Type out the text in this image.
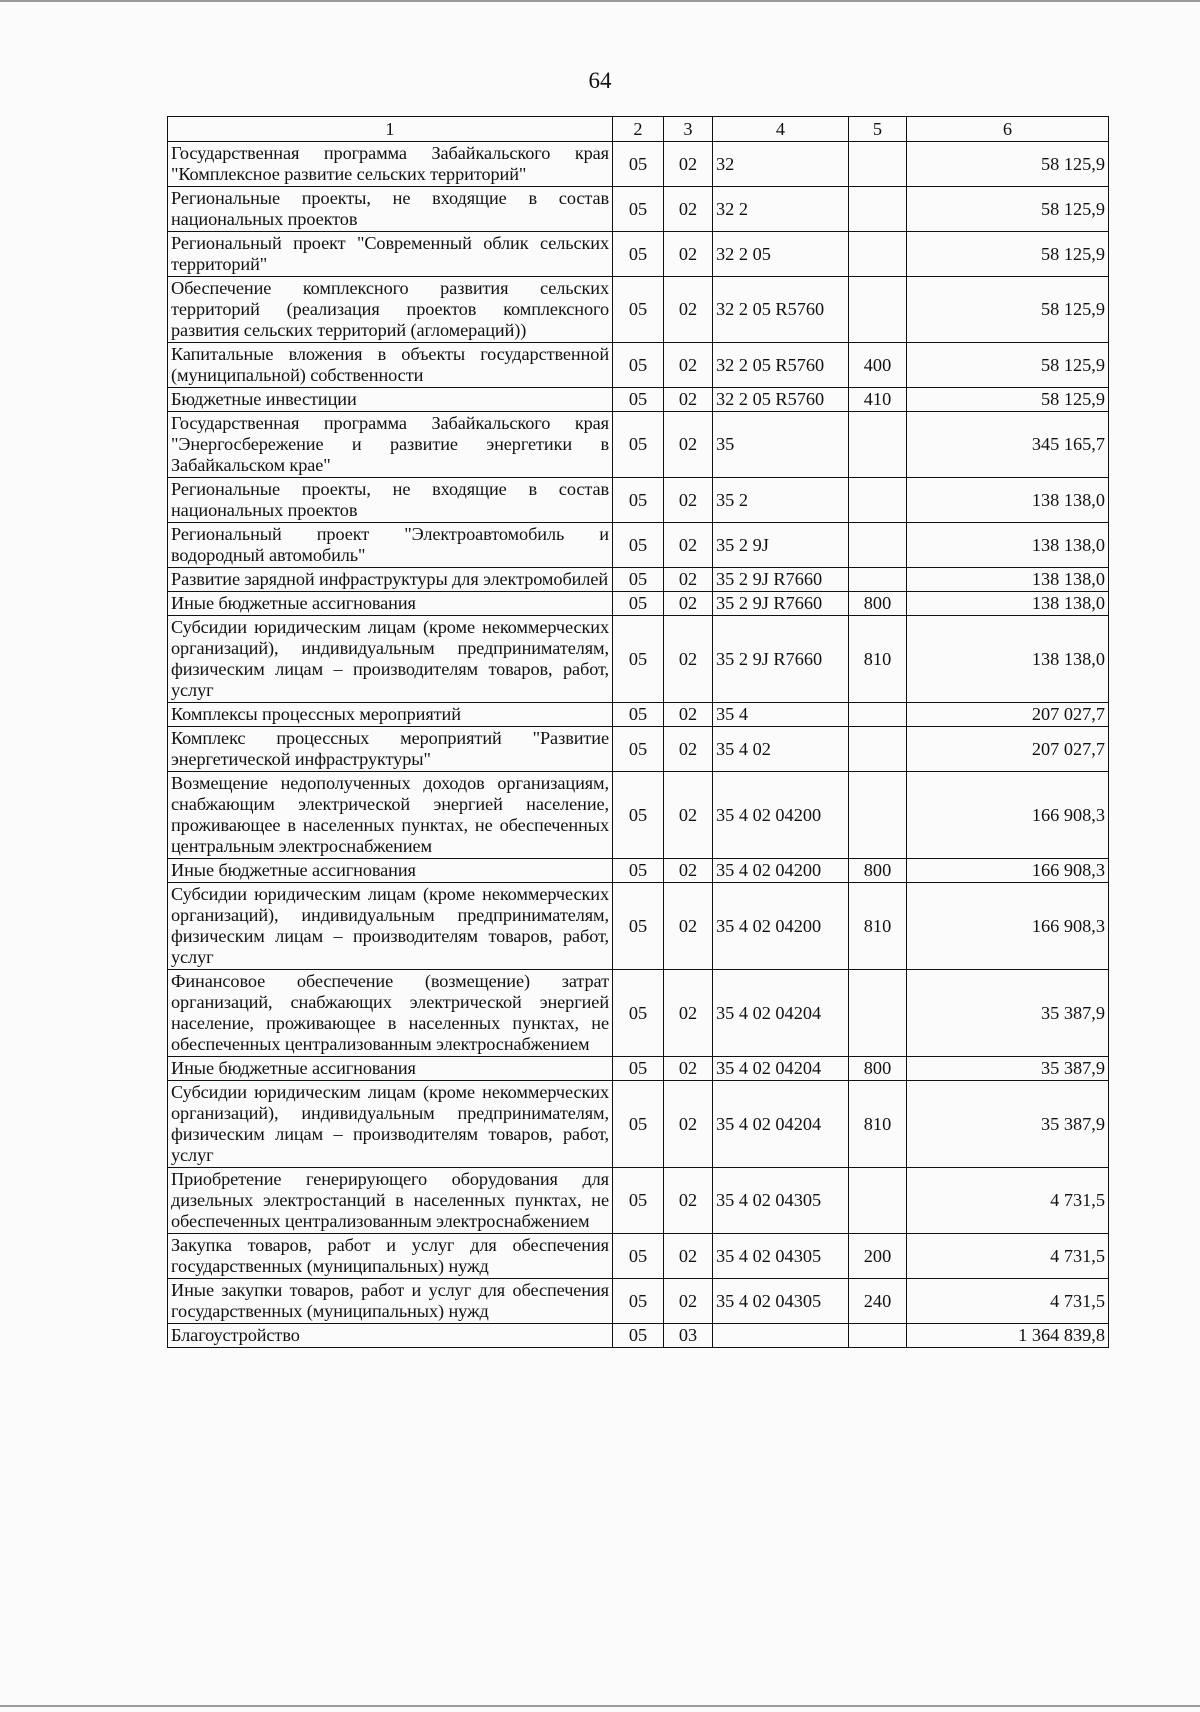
64
1	2	3	4	5	6
Государственная программа Забайкальского края "Комплексное развитие сельских территорий"	05	02	32		58 125,9
Региональные проекты, не входящие в состав национальных проектов	05	02	32 2		58 125,9
Региональный проект "Современный облик сельских территорий"	05	02	32 2 05		58 125,9
Обеспечение комплексного развития сельских территорий (реализация проектов комплексного развития сельских территорий (агломераций))	05	02	32 2 05 R5760		58 125,9
Капитальные вложения в объекты государственной (муниципальной) собственности	05	02	32 2 05 R5760	400	58 125,9
Бюджетные инвестиции	05	02	32 2 05 R5760	410	58 125,9
Государственная программа Забайкальского края "Энергосбережение и развитие энергетики в Забайкальском крае"	05	02	35		345 165,7
Региональные проекты, не входящие в состав национальных проектов	05	02	35 2		138 138,0
Региональный проект "Электроавтомобиль и водородный автомобиль"	05	02	35 2 9J		138 138,0
Развитие зарядной инфраструктуры для электромобилей	05	02	35 2 9J R7660		138 138,0
Иные бюджетные ассигнования	05	02	35 2 9J R7660	800	138 138,0
Субсидии юридическим лицам (кроме некоммерческих организаций), индивидуальным предпринимателям, физическим лицам – производителям товаров, работ, услуг	05	02	35 2 9J R7660	810	138 138,0
Комплексы процессных мероприятий	05	02	35 4		207 027,7
Комплекс процессных мероприятий "Развитие энергетической инфраструктуры"	05	02	35 4 02		207 027,7
Возмещение недополученных доходов организациям, снабжающим электрической энергией население, проживающее в населенных пунктах, не обеспеченных центральным электроснабжением	05	02	35 4 02 04200		166 908,3
Иные бюджетные ассигнования	05	02	35 4 02 04200	800	166 908,3
Субсидии юридическим лицам (кроме некоммерческих организаций), индивидуальным предпринимателям, физическим лицам – производителям товаров, работ, услуг	05	02	35 4 02 04200	810	166 908,3
Финансовое обеспечение (возмещение) затрат организаций, снабжающих электрической энергией население, проживающее в населенных пунктах, не обеспеченных централизованным электроснабжением	05	02	35 4 02 04204		35 387,9
Иные бюджетные ассигнования	05	02	35 4 02 04204	800	35 387,9
Субсидии юридическим лицам (кроме некоммерческих организаций), индивидуальным предпринимателям, физическим лицам – производителям товаров, работ, услуг	05	02	35 4 02 04204	810	35 387,9
Приобретение генерирующего оборудования для дизельных электростанций в населенных пунктах, не обеспеченных централизованным электроснабжением	05	02	35 4 02 04305		4 731,5
Закупка товаров, работ и услуг для обеспечения государственных (муниципальных) нужд	05	02	35 4 02 04305	200	4 731,5
Иные закупки товаров, работ и услуг для обеспечения государственных (муниципальных) нужд	05	02	35 4 02 04305	240	4 731,5
Благоустройство	05	03			1 364 839,8
